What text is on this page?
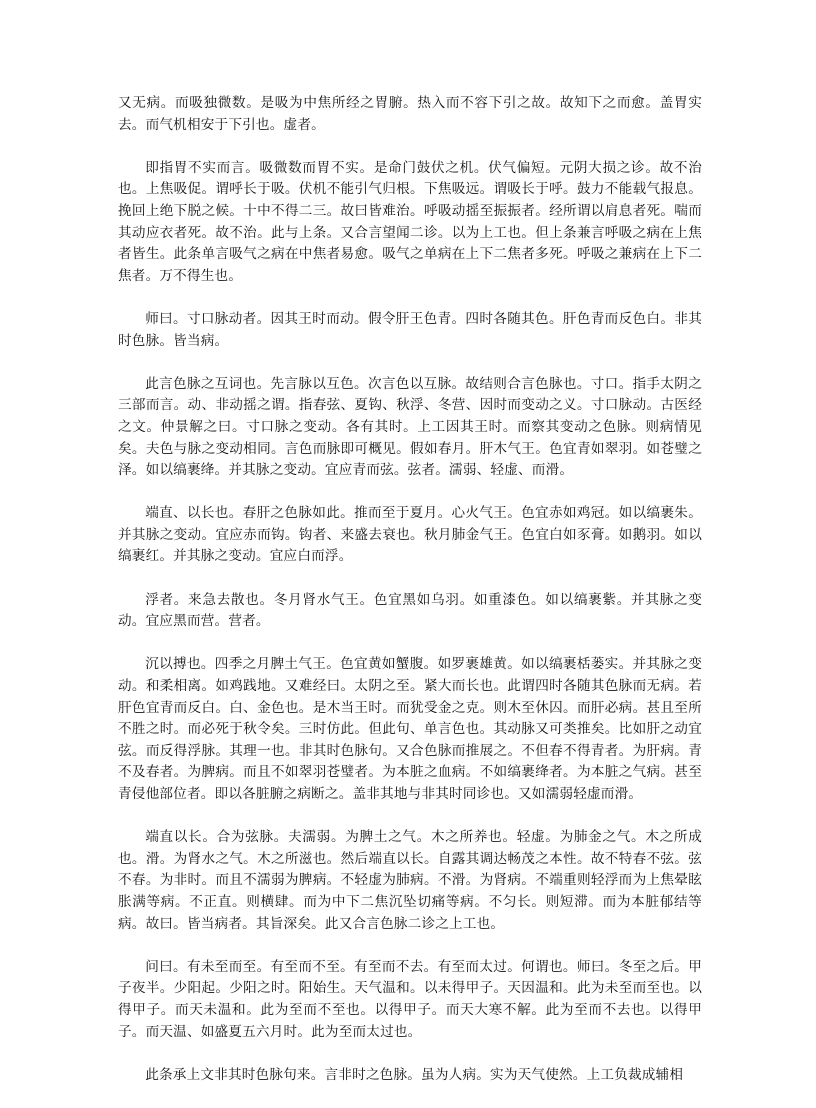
又无病。而吸独微数。是吸为中焦所经之胃腑。热入而不容下引之故。故知下之而愈。盖胃实去。而气机相安于下引也。虚者。

即指胃不实而言。吸微数而胃不实。是命门鼓伏之机。伏气偏短。元阴大损之诊。故不治也。上焦吸促。谓呼长于吸。伏机不能引气归根。下焦吸远。谓吸长于呼。鼓力不能载气报息。挽回上绝下脱之候。十中不得二三。故曰皆难治。呼吸动摇至振振者。经所谓以肩息者死。喘而其动应衣者死。故不治。此与上条。又合言望闻二诊。以为上工也。但上条兼言呼吸之病在上焦者皆生。此条单言吸气之病在中焦者易愈。吸气之单病在上下二焦者多死。呼吸之兼病在上下二焦者。万不得生也。

师曰。寸口脉动者。因其王时而动。假令肝王色青。四时各随其色。肝色青而反色白。非其时色脉。皆当病。

此言色脉之互词也。先言脉以互色。次言色以互脉。故结则合言色脉也。寸口。指手太阴之三部而言。动、非动摇之谓。指春弦、夏钩、秋浮、冬营、因时而变动之义。寸口脉动。古医经之文。仲景解之曰。寸口脉之变动。各有其时。上工因其王时。而察其变动之色脉。则病情见矣。夫色与脉之变动相同。言色而脉即可概见。假如春月。肝木气王。色宜青如翠羽。如苍璧之泽。如以缟裹绛。并其脉之变动。宜应青而弦。弦者。濡弱、轻虚、而滑。

端直、以长也。春肝之色脉如此。推而至于夏月。心火气王。色宜赤如鸡冠。如以缟裹朱。并其脉之变动。宜应赤而钩。钩者、来盛去衰也。秋月肺金气王。色宜白如豕膏。如鹅羽。如以缟裹红。并其脉之变动。宜应白而浮。

浮者。来急去散也。冬月肾水气王。色宜黑如乌羽。如重漆色。如以缟裹紫。并其脉之变动。宜应黑而营。营者。

沉以搏也。四季之月脾土气王。色宜黄如蟹腹。如罗裹雄黄。如以缟裹栝蒌实。并其脉之变动。和柔相离。如鸡践地。又难经曰。太阴之至。紧大而长也。此谓四时各随其色脉而无病。若肝色宜青而反白。白、金色也。是木当王时。而犹受金之克。则木至休囚。而肝必病。甚且至所不胜之时。而必死于秋令矣。三时仿此。但此句、单言色也。其动脉又可类推矣。比如肝之动宜弦。而反得浮脉。其理一也。非其时色脉句。又合色脉而推展之。不但春不得青者。为肝病。青不及春者。为脾病。而且不如翠羽苍璧者。为本脏之血病。不如缟裹绛者。为本脏之气病。甚至青侵他部位者。即以各脏腑之病断之。盖非其地与非其时同诊也。又如濡弱轻虚而滑。

端直以长。合为弦脉。夫濡弱。为脾土之气。木之所养也。轻虚。为肺金之气。木之所成也。滑。为肾水之气。木之所滋也。然后端直以长。自露其调达畅茂之本性。故不特春不弦。弦不春。为非时。而且不濡弱为脾病。不轻虚为肺病。不滑。为肾病。不端重则轻浮而为上焦晕眩胀满等病。不正直。则横肆。而为中下二焦沉坠切痛等病。不匀长。则短滞。而为本脏郁结等病。故曰。皆当病者。其旨深矣。此又合言色脉二诊之上工也。

问曰。有未至而至。有至而不至。有至而不去。有至而太过。何谓也。师曰。冬至之后。甲子夜半。少阳起。少阳之时。阳始生。天气温和。以未得甲子。天因温和。此为未至而至也。以得甲子。而天未温和。此为至而不至也。以得甲子。而天大寒不解。此为至而不去也。以得甲子。而天温、如盛夏五六月时。此为至而太过也。

此条承上文非其时色脉句来。言非时之色脉。虽为人病。实为天气使然。上工负裁成辅相
